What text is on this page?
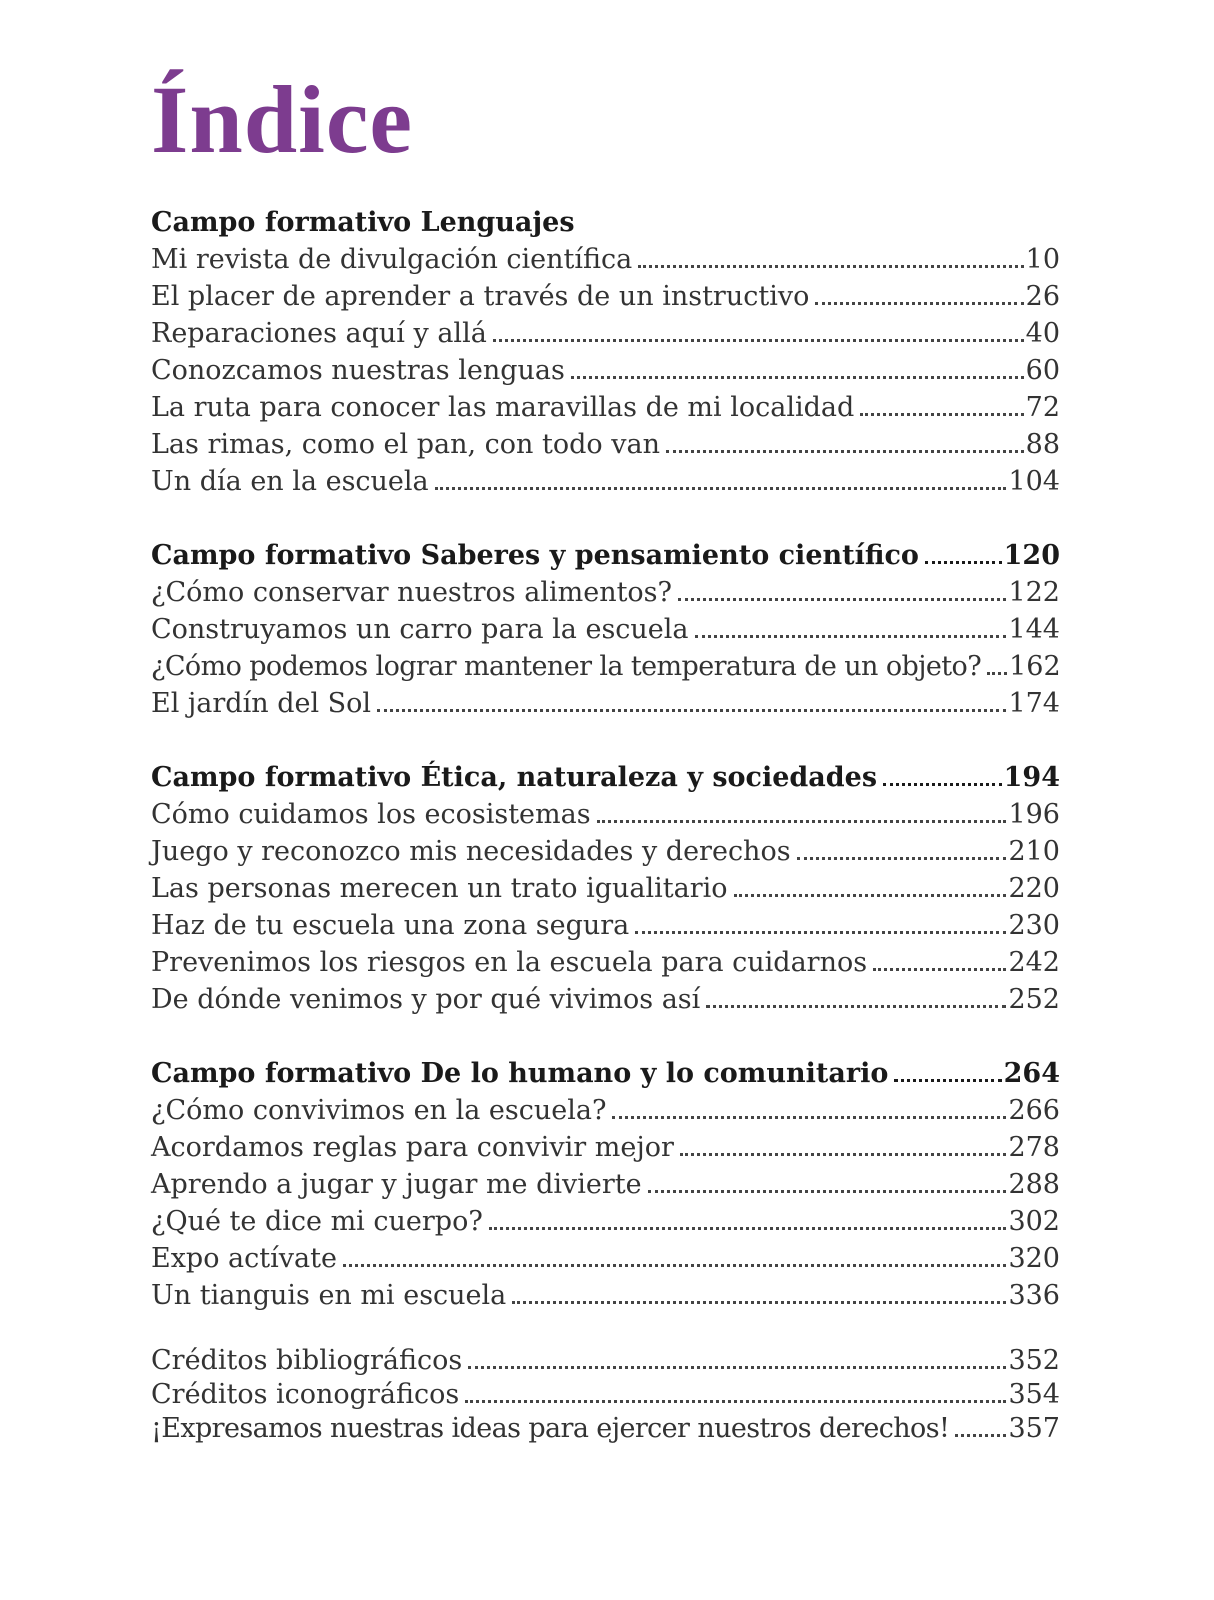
Índice
Campo formativo Lenguajes
Mi revista de divulgación científica	10
El placer de aprender a través de un instructivo	26
Reparaciones aquí y allá	40
Conozcamos nuestras lenguas	60
La ruta para conocer las maravillas de mi localidad	72
Las rimas, como el pan, con todo van	88
Un día en la escuela	104
Campo formativo Saberes y pensamiento científico	120
¿Cómo conservar nuestros alimentos?	122
Construyamos un carro para la escuela	144
¿Cómo podemos lograr mantener la temperatura de un objeto? 162
El jardín del Sol	174
Campo formativo Ética, naturaleza y sociedades	194
Cómo cuidamos los ecosistemas	196
Juego y reconozco mis necesidades y derechos	210
Las personas merecen un trato igualitario	220
Haz de tu escuela una zona segura	230
Prevenimos los riesgos en la escuela para cuidarnos	242
De dónde venimos y por qué vivimos así	252
Campo formativo De lo humano y lo comunitario	264
¿Cómo convivimos en la escuela?	266
Acordamos reglas para convivir mejor	278
Aprendo a jugar y jugar me divierte	288
¿Qué te dice mi cuerpo?	302
Expo actívate	320
Un tianguis en mi escuela	336
Créditos bibliográficos	352
Créditos iconográficos	354
¡Expresamos nuestras ideas para ejercer nuestros derechos! 357
